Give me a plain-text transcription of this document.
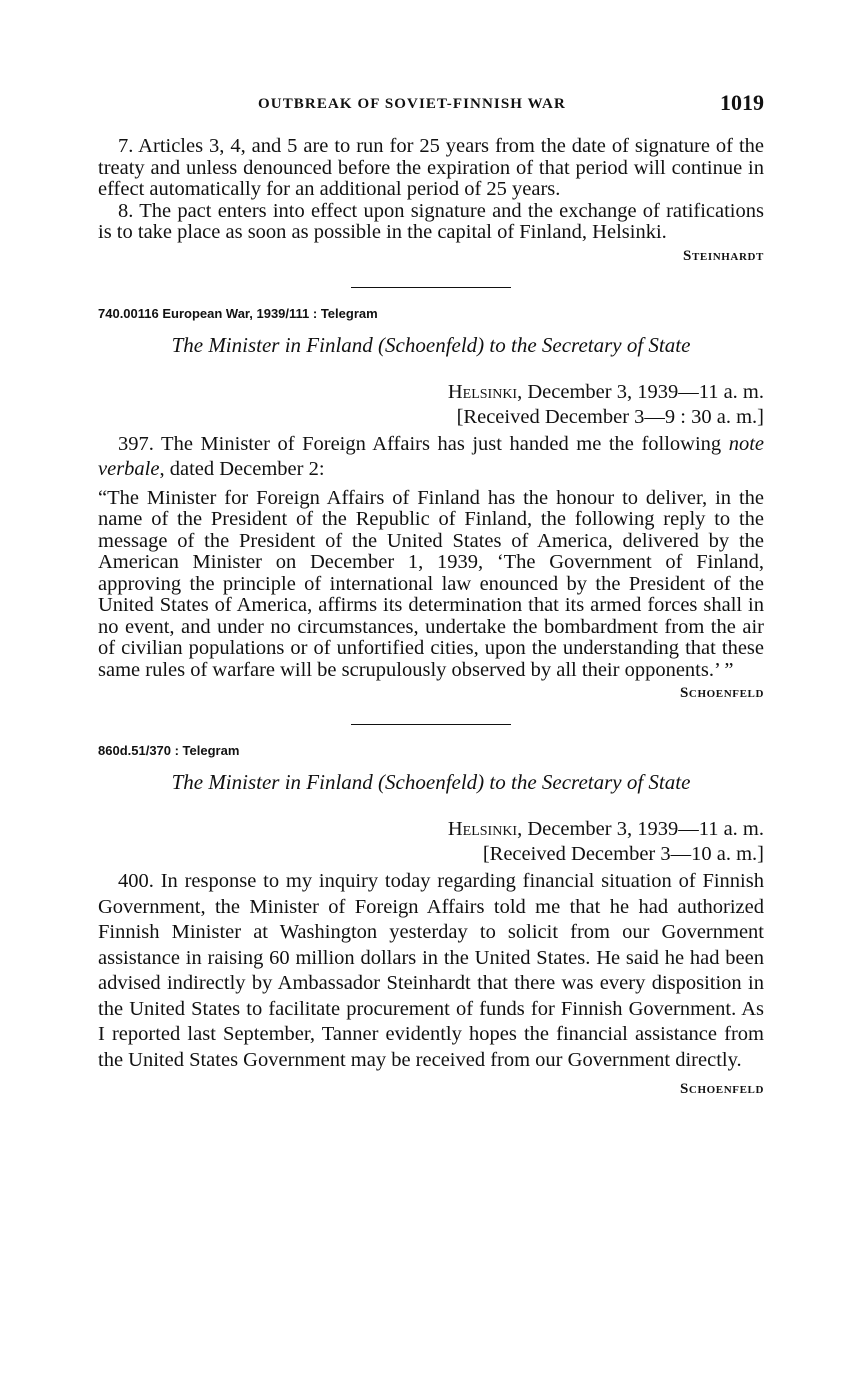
OUTBREAK OF SOVIET-FINNISH WAR	1019

7. Articles 3, 4, and 5 are to run for 25 years from the date of signature of the treaty and unless denounced before the expiration of that period will continue in effect automatically for an additional period of 25 years.

8. The pact enters into effect upon signature and the exchange of ratifications is to take place as soon as possible in the capital of Finland, Helsinki.

Steinhardt
740.00116 European War, 1939/111 : Telegram
The Minister in Finland (Schoenfeld) to the Secretary of State
Helsinki, December 3, 1939—11 a. m.
[Received December 3—9 : 30 a. m.]

397. The Minister of Foreign Affairs has just handed me the following note verbale, dated December 2:

“The Minister for Foreign Affairs of Finland has the honour to deliver, in the name of the President of the Republic of Finland, the following reply to the message of the President of the United States of America, delivered by the American Minister on December 1, 1939, ‘The Government of Finland, approving the principle of international law enounced by the President of the United States of America, affirms its determination that its armed forces shall in no event, and under no circumstances, undertake the bombardment from the air of civilian populations or of unfortified cities, upon the understanding that these same rules of warfare will be scrupulously observed by all their opponents.’ ”

Schoenfeld
860d.51/370 : Telegram
The Minister in Finland (Schoenfeld) to the Secretary of State
Helsinki, December 3, 1939—11 a. m.
[Received December 3—10 a. m.]

400. In response to my inquiry today regarding financial situation of Finnish Government, the Minister of Foreign Affairs told me that he had authorized Finnish Minister at Washington yesterday to solicit from our Government assistance in raising 60 million dollars in the United States. He said he had been advised indirectly by Ambassador Steinhardt that there was every disposition in the United States to facilitate procurement of funds for Finnish Government. As I reported last September, Tanner evidently hopes the financial assistance from the United States Government may be received from our Government directly.

Schoenfeld
